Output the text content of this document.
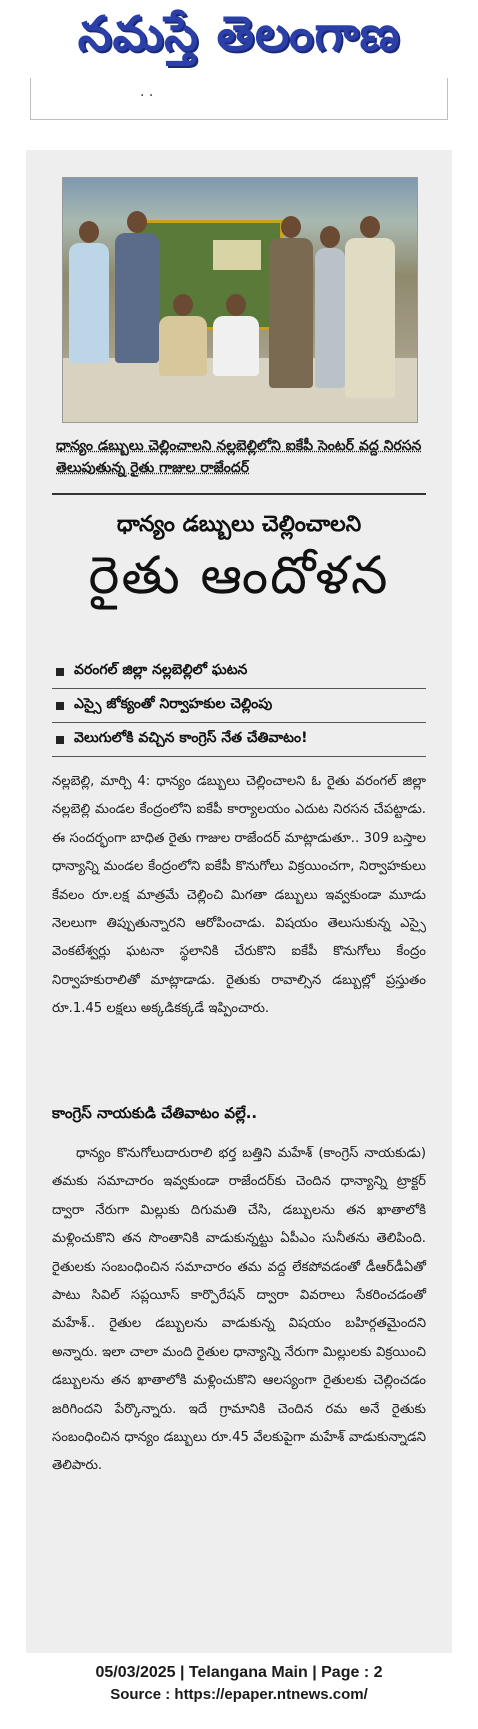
నమస్తే తెలంగాణ
. .
ధాన్యం డబ్బులు చెల్లించాలని నల్లబెల్లిలోని ఐకేపీ సెంటర్ వద్ద నిరసన తెలుపుతున్న రైతు గాజుల రాజేందర్
ధాన్యం డబ్బులు చెల్లించాలని
రైతు ఆందోళన
వరంగల్ జిల్లా నల్లబెల్లిలో ఘటన
ఎస్సై జోక్యంతో నిర్వాహకుల చెల్లింపు
వెలుగులోకి వచ్చిన కాంగ్రెస్ నేత చేతివాటం!
నల్లబెల్లి, మార్చి 4: ధాన్యం డబ్బులు చెల్లించాలని ఓ రైతు వరంగల్ జిల్లా నల్లబెల్లి మండల కేంద్రంలోని ఐకేపీ కార్యాలయం ఎదుట నిరసన చేపట్టాడు. ఈ సందర్భంగా బాధిత రైతు గాజుల రాజేందర్ మాట్లాడుతూ.. 309 బస్తాల ధాన్యాన్ని మండల కేంద్రంలోని ఐకేపీ కొనుగోలు విక్రయించగా, నిర్వాహకులు కేవలం రూ.లక్ష మాత్రమే చెల్లించి మిగతా డబ్బులు ఇవ్వకుండా మూడు నెలలుగా తిప్పుతున్నారని ఆరోపించాడు. విషయం తెలుసుకున్న ఎస్సై వెంకటేశ్వర్లు ఘటనా స్థలానికి చేరుకొని ఐకేపీ కొనుగోలు కేంద్రం నిర్వాహకురాలితో మాట్లాడాడు. రైతుకు రావాల్సిన డబ్బుల్లో ప్రస్తుతం రూ.1.45 లక్షలు అక్కడికక్కడే ఇప్పించారు.
కాంగ్రెస్ నాయకుడి చేతివాటం వల్లే..
ధాన్యం కొనుగోలుదారురాలి భర్త బత్తిని మహేశ్ (కాంగ్రెస్ నాయకుడు) తమకు సమాచారం ఇవ్వకుండా రాజేందర్‌కు చెందిన ధాన్యాన్ని ట్రాక్టర్ ద్వారా నేరుగా మిల్లుకు దిగుమతి చేసి, డబ్బులను తన ఖాతాలోకి మళ్లించుకొని తన సొంతానికి వాడుకున్నట్టు ఏపీఎం సునీతను తెలిపింది. రైతులకు సంబంధించిన సమాచారం తమ వద్ద లేకపోవడంతో డీఆర్‌డీఏతో పాటు సివిల్ సప్లయీస్ కార్పొరేషన్ ద్వారా వివరాలు సేకరించడంతో మహేశ్.. రైతుల డబ్బులను వాడుకున్న విషయం బహిర్గతమైందని అన్నారు. ఇలా చాలా మంది రైతుల ధాన్యాన్ని నేరుగా మిల్లులకు విక్రయించి డబ్బులను తన ఖాతాలోకి మళ్లించుకొని ఆలస్యంగా రైతులకు చెల్లించడం జరిగిందని పేర్కొన్నారు. ఇదే గ్రామానికి చెందిన రమ అనే రైతుకు సంబంధించిన ధాన్యం డబ్బులు రూ.45 వేలకుపైగా మహేశ్ వాడుకున్నాడని తెలిపారు.
05/03/2025 | Telangana Main | Page : 2
Source : https://epaper.ntnews.com/
